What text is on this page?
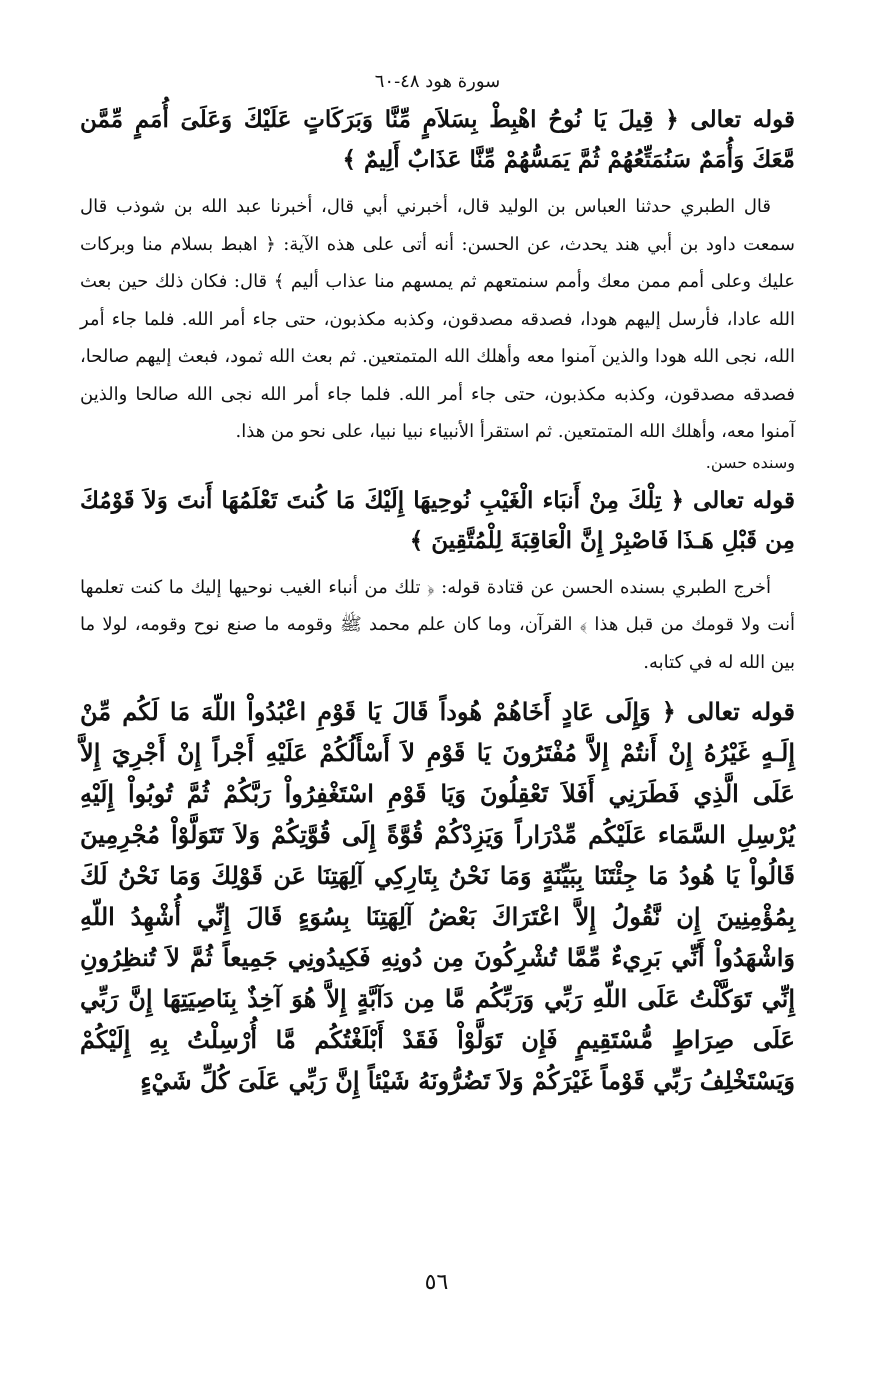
سورة هود ٤٨-٦٠

قوله تعالى ﴿ قِيلَ يَا نُوحُ اهْبِطْ بِسَلاَمٍ مِّنَّا وَبَرَكَاتٍ عَلَيْكَ وَعَلَىَ أُمَمٍ مِّمَّن مَّعَكَ وَأُمَمٌ سَنُمَتِّعُهُمْ ثُمَّ يَمَسُّهُمْ مِّنَّا عَذَابٌ أَلِيمٌ ﴾

قال الطبري حدثنا العباس بن الوليد قال، أخبرني أبي قال، أخبرنا عبد الله بن شوذب قال سمعت داود بن أبي هند يحدث، عن الحسن: أنه أتى على هذه الآية: ﴿ اهبط بسلام منا وبركات عليك وعلى أمم ممن معك وأمم سنمتعهم ثم يمسهم منا عذاب أليم ﴾ قال: فكان ذلك حين بعث الله عادا، فأرسل إليهم هودا، فصدقه مصدقون، وكذبه مكذبون، حتى جاء أمر الله. فلما جاء أمر الله، نجى الله هودا والذين آمنوا معه وأهلك الله المتمتعين. ثم بعث الله ثمود، فبعث إليهم صالحا، فصدقه مصدقون، وكذبه مكذبون، حتى جاء أمر الله. فلما جاء أمر الله نجى الله صالحا والذين آمنوا معه، وأهلك الله المتمتعين. ثم استقرأ الأنبياء نبيا نبيا، على نحو من هذا.

وسنده حسن.

قوله تعالى ﴿ تِلْكَ مِنْ أَنبَاء الْغَيْبِ نُوحِيهَا إِلَيْكَ مَا كُنتَ تَعْلَمُهَا أَنتَ وَلاَ قَوْمُكَ مِن قَبْلِ هَـذَا فَاصْبِرْ إِنَّ الْعَاقِبَةَ لِلْمُتَّقِينَ ﴾

أخرج الطبري بسنده الحسن عن قتادة قوله: ﴿ تلك من أنباء الغيب نوحيها إليك ما كنت تعلمها أنت ولا قومك من قبل هذا ﴾ القرآن، وما كان علم محمد ﷺ وقومه ما صنع نوح وقومه، لولا ما بين الله له في كتابه.

قوله تعالى ﴿ وَإِلَى عَادٍ أَخَاهُمْ هُوداً قَالَ يَا قَوْمِ اعْبُدُواْ اللّهَ مَا لَكُم مِّنْ إِلَـهٍ غَيْرُهُ إِنْ أَنتُمْ إِلاَّ مُفْتَرُونَ يَا قَوْمِ لاَ أَسْأَلُكُمْ عَلَيْهِ أَجْراً إِنْ أَجْرِيَ إِلاَّ عَلَى الَّذِي فَطَرَنِي أَفَلاَ تَعْقِلُونَ وَيَا قَوْمِ اسْتَغْفِرُواْ رَبَّكُمْ ثُمَّ تُوبُواْ إِلَيْهِ يُرْسِلِ السَّمَاء عَلَيْكُم مِّدْرَاراً وَيَزِدْكُمْ قُوَّةً إِلَى قُوَّتِكُمْ وَلاَ تَتَوَلَّوْاْ مُجْرِمِينَ قَالُواْ يَا هُودُ مَا جِئْتَنَا بِبَيِّنَةٍ وَمَا نَحْنُ بِتَارِكِي آلِهَتِنَا عَن قَوْلِكَ وَمَا نَحْنُ لَكَ بِمُؤْمِنِينَ إِن نَّقُولُ إِلاَّ اعْتَرَاكَ بَعْضُ آلِهَتِنَا بِسُوَءٍ قَالَ إِنِّي أُشْهِدُ اللّهِ وَاشْهَدُواْ أَنِّي بَرِيءٌ مِّمَّا تُشْرِكُونَ مِن دُونِهِ فَكِيدُونِي جَمِيعاً ثُمَّ لاَ تُنظِرُونِ إِنِّي تَوَكَّلْتُ عَلَى اللّهِ رَبِّي وَرَبِّكُم مَّا مِن دَآبَّةٍ إِلاَّ هُوَ آخِذٌ بِنَاصِيَتِهَا إِنَّ رَبِّي عَلَى صِرَاطٍ مُّسْتَقِيمٍ فَإِن تَوَلَّوْاْ فَقَدْ أَبْلَغْتُكُم مَّا أُرْسِلْتُ بِهِ إِلَيْكُمْ وَيَسْتَخْلِفُ رَبِّي قَوْماً غَيْرَكُمْ وَلاَ تَضُرُّونَهُ شَيْئاً إِنَّ رَبِّي عَلَىَ كُلِّ شَيْءٍ

٥٦
